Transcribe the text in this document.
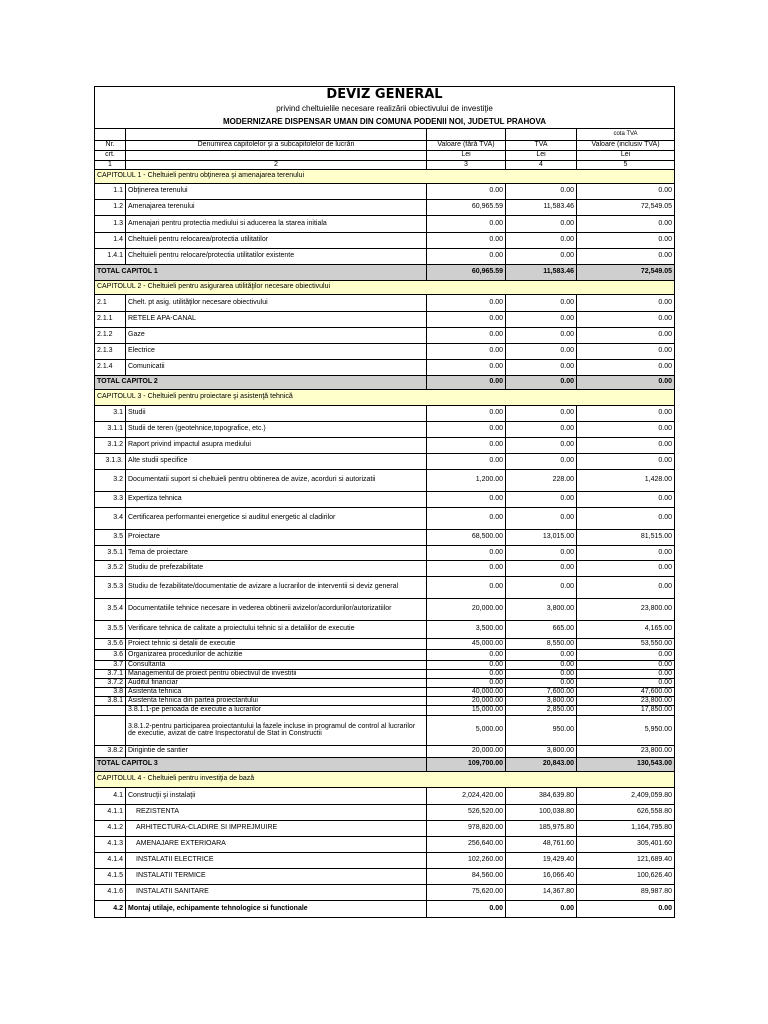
DEVIZ GENERAL
privind cheltuielile necesare realizării obiectivului de investiţie
MODERNIZARE DISPENSAR UMAN DIN COMUNA PODENII NOI, JUDETUL PRAHOVA
				cota TVA
Nr.	Denumirea capitolelor şi a subcapitolelor de lucrări	Valoare (fără TVA)	TVA	Valoare (inclusiv TVA)
crt.		Lei	Lei	Lei
1	2	3	4	5
CAPITOLUL 1 - Cheltuieli pentru obţinerea şi amenajarea terenului				
1.1	Obţinerea terenului	0.00	0.00	0.00
1.2	Amenajarea terenului	60,965.59	11,583.46	72,549.05
1.3	Amenajari pentru protectia mediului si aducerea la starea initiala	0.00	0.00	0.00
1.4	Cheltuieli pentru relocarea/protectia utilitatilor	0.00	0.00	0.00
1.4.1	Cheltuieli pentru relocare/protectia utilitatilor existente	0.00	0.00	0.00
TOTAL CAPITOL 1		60,965.59	11,583.46	72,549.05
CAPITOLUL 2 - Cheltuieli pentru asigurarea utilităţilor necesare obiectivului				
2.1	Chelt. pt asig. utilităţilor necesare obiectivului	0.00	0.00	0.00
2.1.1	RETELE APA-CANAL	0.00	0.00	0.00
2.1.2	Gaze	0.00	0.00	0.00
2.1.3	Electrice	0.00	0.00	0.00
2.1.4	Comunicatii	0.00	0.00	0.00
TOTAL CAPITOL 2		0.00	0.00	0.00
CAPITOLUL 3 - Cheltuieli pentru proiectare şi asistenţă tehnică				
3.1	Studii	0.00	0.00	0.00
3.1.1	Studii de teren (geotehnice,topografice, etc.)	0.00	0.00	0.00
3.1.2	Raport privind impactul asupra mediului	0.00	0.00	0.00
3.1.3.	Alte studii specifice	0.00	0.00	0.00
3.2	Documentatii suport si cheltuieli pentru obtinerea de avize, acorduri si autorizatii	1,200.00	228.00	1,428.00
3.3	Expertiza tehnica	0.00	0.00	0.00
3.4	Certificarea performantei energetice si auditul energetic al cladirilor	0.00	0.00	0.00
3.5	Proiectare	68,500.00	13,015.00	81,515.00
3.5.1	Tema de proiectare	0.00	0.00	0.00
3.5.2	Studiu de prefezabilitate	0.00	0.00	0.00
3.5.3	Studiu de fezabilitate/documentatie de avizare a lucrarilor de interventii si deviz general	0.00	0.00	0.00
3.5.4	Documentatiile tehnice necesare in vederea obtinerii avizelor/acordurilor/autorizatiilor	20,000.00	3,800.00	23,800.00
3.5.5	Verificare tehnica de calitate a proiectului tehnic si a detaliilor de executie	3,500.00	665.00	4,165.00
3.5.6	Proiect tehnic si detalii de executie	45,000.00	8,550.00	53,550.00
3.6	Organizarea procedurilor de achizitie	0.00	0.00	0.00
3.7	Consultanta	0.00	0.00	0.00
3.7.1	Managementul de proiect pentru obiectivul de investitii	0.00	0.00	0.00
3.7.2	Auditul financiar	0.00	0.00	0.00
3.8	Asistenta tehnica	40,000.00	7,600.00	47,600.00
3.8.1	Asistenta tehnica din partea proiectantului	20,000.00	3,800.00	23,800.00
	3.8.1.1-pe perioada de executie a lucrarilor	15,000.00	2,850.00	17,850.00
	3.8.1.2-pentru participarea proiectantului la fazele incluse in programul de control al lucrarilor de executie, avizat de catre Inspectoratul de Stat in Constructii	5,000.00	950.00	5,950.00
3.8.2	Dirigintie de santier	20,000.00	3,800.00	23,800.00
TOTAL CAPITOL 3		109,700.00	20,843.00	130,543.00
CAPITOLUL 4 - Cheltuieli pentru investiţia de bază				
4.1	Construcţii şi instalaţii	2,024,420.00	384,639.80	2,409,059.80
4.1.1	REZISTENTA	526,520.00	100,038.80	626,558.80
4.1.2	ARHITECTURA-CLADIRE SI IMPREJMUIRE	978,820.00	185,975.80	1,164,795.80
4.1.3	AMENAJARE EXTERIOARA	256,640.00	48,761.60	305,401.60
4.1.4	INSTALATII ELECTRICE	102,260.00	19,429.40	121,689.40
4.1.5	INSTALATII TERMICE	84,560.00	16,066.40	100,626.40
4.1.6	INSTALATII SANITARE	75,620.00	14,367.80	89,987.80
4.2	Montaj utilaje, echipamente tehnologice si functionale	0.00	0.00	0.00
